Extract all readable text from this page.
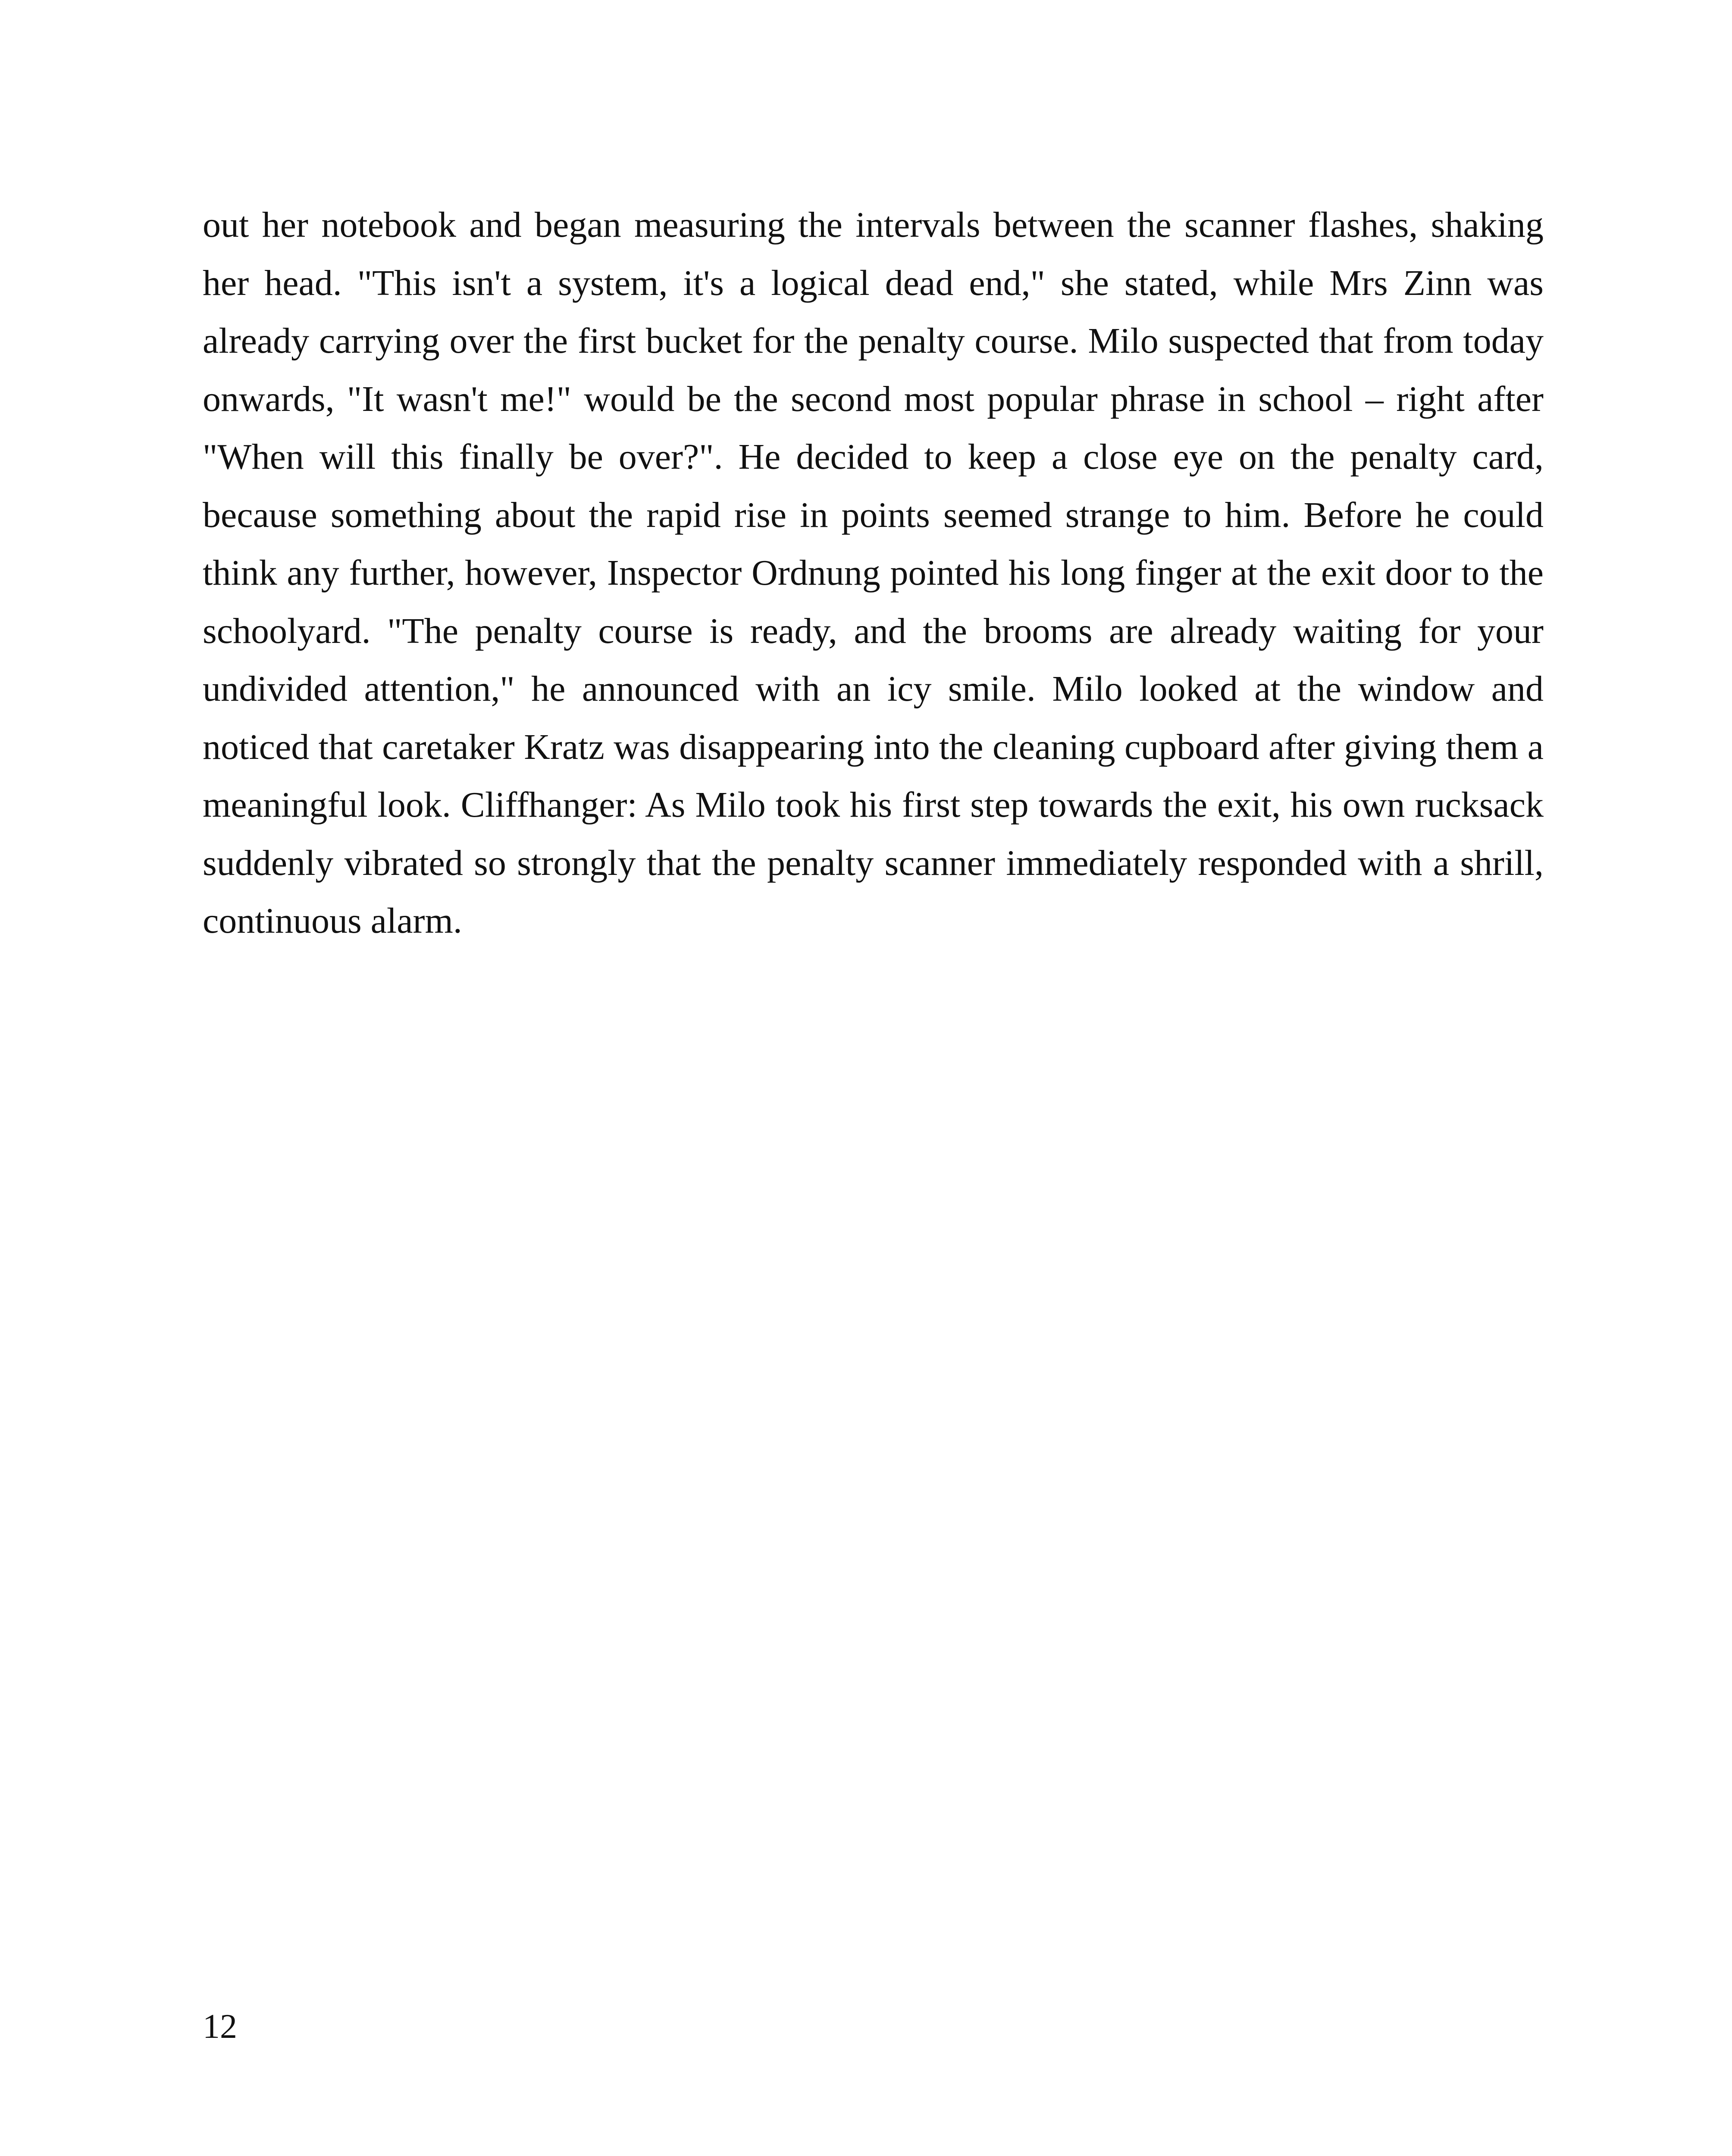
out her notebook and began measuring the intervals between the scanner flashes, shaking her head. "This isn't a system, it's a logical dead end," she stated, while Mrs Zinn was already carrying over the first bucket for the penalty course. Milo suspected that from today onwards, "It wasn't me!" would be the second most popular phrase in school – right after "When will this finally be over?". He decided to keep a close eye on the penalty card, because something about the rapid rise in points seemed strange to him. Before he could think any further, however, Inspector Ordnung pointed his long finger at the exit door to the schoolyard. "The penalty course is ready, and the brooms are already waiting for your undivided attention," he announced with an icy smile. Milo looked at the window and noticed that caretaker Kratz was disappearing into the cleaning cupboard after giving them a meaningful look. Cliffhanger: As Milo took his first step towards the exit, his own rucksack suddenly vibrated so strongly that the penalty scanner immediately responded with a shrill, continuous alarm.

12
